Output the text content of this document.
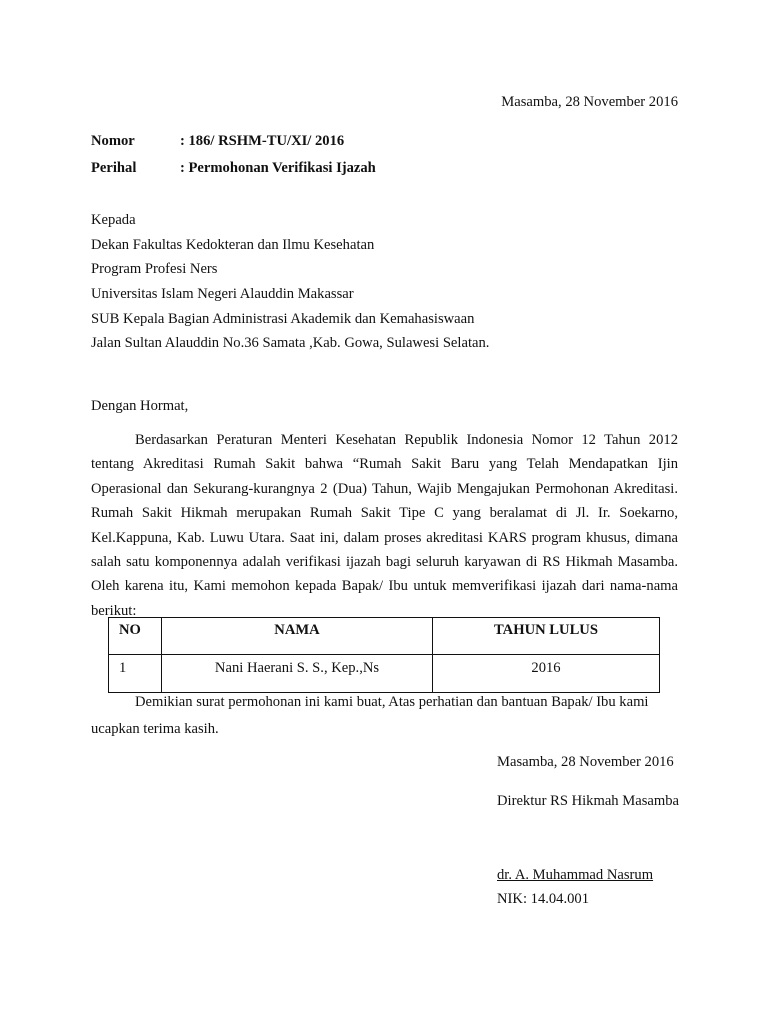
Masamba, 28 November 2016
Nomor	: 186/ RSHM-TU/XI/ 2016
Perihal	: Permohonan Verifikasi Ijazah
Kepada
Dekan Fakultas Kedokteran dan Ilmu Kesehatan
Program Profesi Ners
Universitas Islam Negeri Alauddin Makassar
SUB Kepala Bagian Administrasi Akademik dan Kemahasiswaan
Jalan Sultan Alauddin No.36 Samata ,Kab. Gowa, Sulawesi Selatan.
Dengan Hormat,
Berdasarkan Peraturan Menteri Kesehatan Republik Indonesia Nomor 12 Tahun 2012 tentang Akreditasi Rumah Sakit bahwa “Rumah Sakit Baru yang Telah Mendapatkan Ijin Operasional dan Sekurang-kurangnya 2 (Dua) Tahun, Wajib Mengajukan Permohonan Akreditasi. Rumah Sakit Hikmah merupakan Rumah Sakit Tipe C yang beralamat di Jl. Ir. Soekarno, Kel.Kappuna, Kab. Luwu Utara. Saat ini, dalam proses akreditasi KARS program khusus, dimana salah satu komponennya adalah verifikasi ijazah bagi seluruh karyawan di RS Hikmah Masamba. Oleh karena itu, Kami memohon kepada Bapak/ Ibu untuk memverifikasi ijazah dari nama-nama berikut:
NO	NAMA	TAHUN LULUS
1	Nani Haerani S. S., Kep.,Ns	2016
Demikian surat permohonan ini kami buat, Atas perhatian dan bantuan Bapak/ Ibu kami ucapkan terima kasih.
Masamba, 28 November 2016
Direktur RS Hikmah Masamba
dr. A. Muhammad Nasrum
NIK: 14.04.001
